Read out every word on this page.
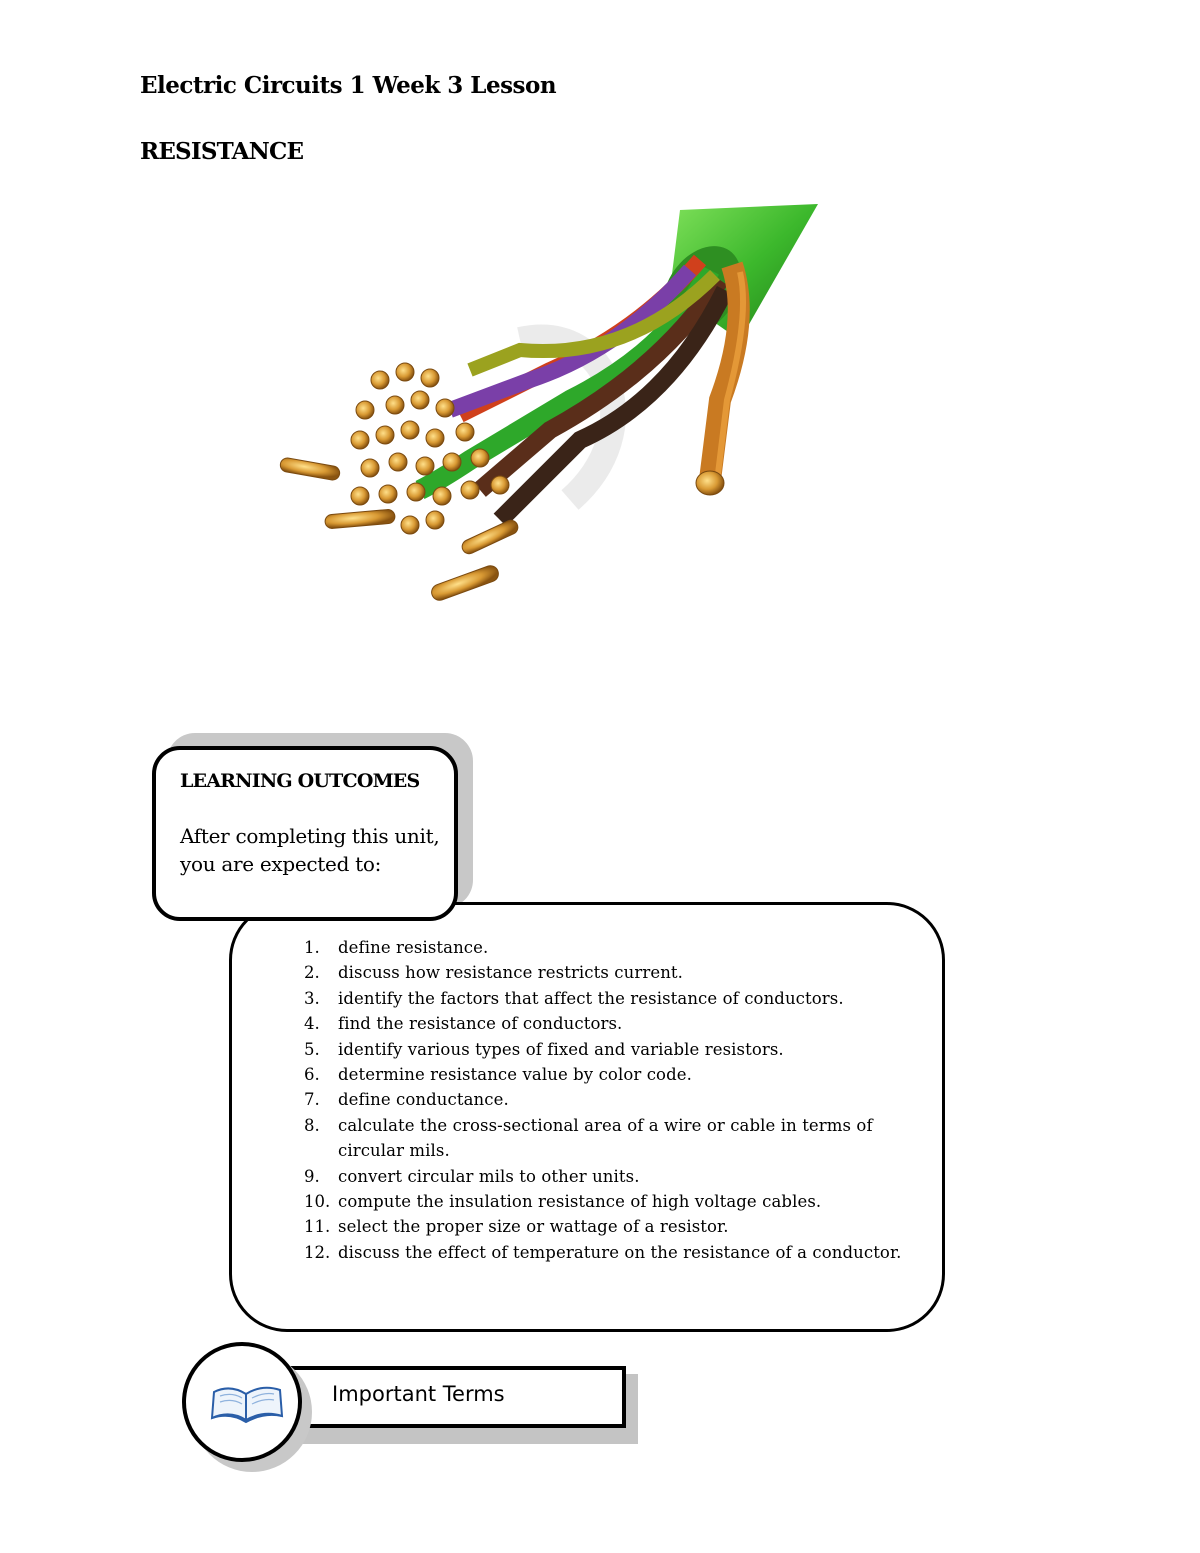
Electric Circuits 1 Week 3 Lesson
RESISTANCE
1.	define resistance.
2.	discuss how resistance restricts current.
3.	identify the factors that affect the resistance of conductors.
4.	find the resistance of conductors.
5.	identify various types of fixed and variable resistors.
6.	determine resistance value by color code.
7.	define conductance.
8.	calculate the cross-sectional area of a wire or cable in terms of circular mils.
9.	convert circular mils to other units.
10. compute the insulation resistance of high voltage cables.
11. select the proper size or wattage of a resistor.
12. discuss the effect of temperature on the resistance of a conductor.
LEARNING OUTCOMES
After completing this unit, you are expected to:
Important Terms
